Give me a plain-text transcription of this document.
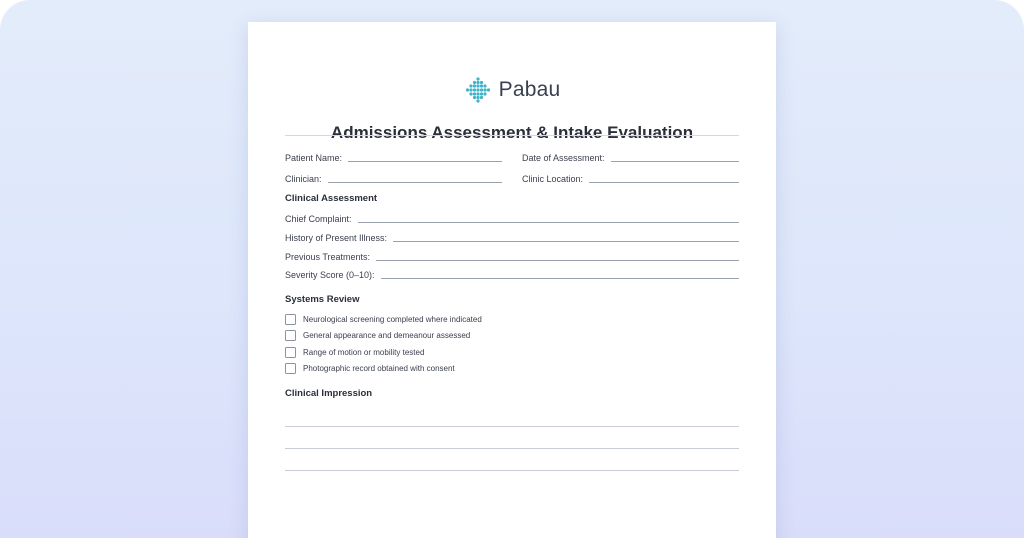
Pabau
Admissions Assessment & Intake Evaluation
Patient Name:	Date of Assessment:
Clinician:	Clinic Location:
Clinical Assessment
Chief Complaint:
History of Present Illness:
Previous Treatments:
Severity Score (0–10):
Systems Review
Neurological screening completed where indicated
General appearance and demeanour assessed
Range of motion or mobility tested
Photographic record obtained with consent
Clinical Impression
